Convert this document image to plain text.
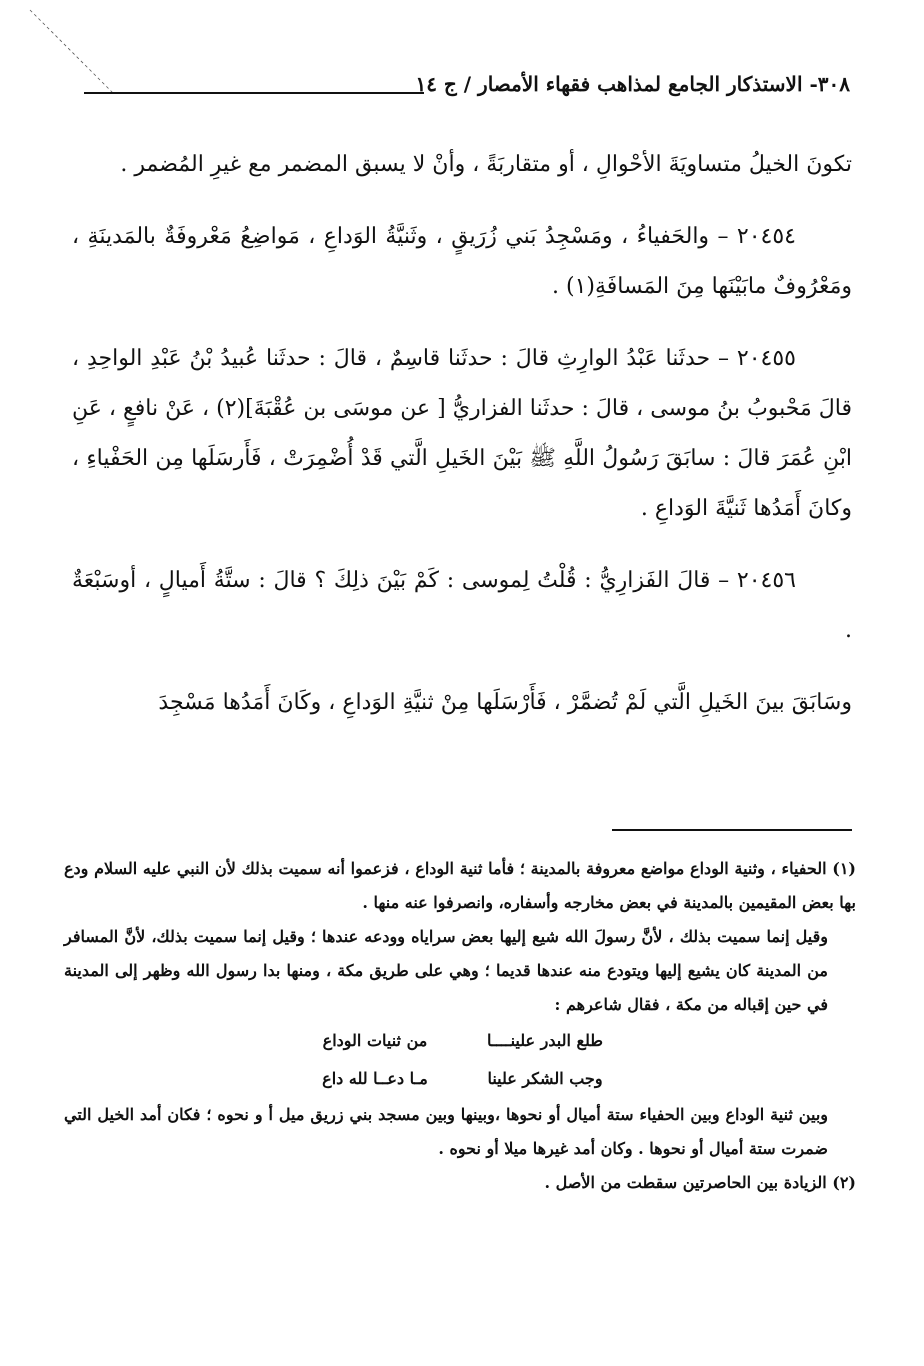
٣٠٨- الاستذكار الجامع لمذاهب فقهاء الأمصار / ج ١٤

تكونَ الخيلُ متساويَةَ الأحْوالِ ، أو متقاربَةً ، وأنْ لا يسبق المضمر مع غيرِ المُضمر .

٢٠٤٥٤ – والحَفياءُ ، ومَسْجِدُ بَني زُرَيقٍ ، وثَنيَّةُ الوَداعِ ، مَواضِعُ مَعْروفَةٌ بالمَدينَةِ ، ومَعْرُوفٌ مابَيْنَها مِنَ المَسافَةِ(١) .

٢٠٤٥٥ – حدثَنا عَبْدُ الوارِثِ قالَ : حدثَنا قاسِمٌ ، قالَ : حدثَنا عُبيدُ بْنُ عَبْدِ الواحِدِ ، قالَ مَحْبوبُ بنُ موسى ، قالَ : حدثَنا الفزاريُّ [ عن موسَى بن عُقْبَةَ](٢) ، عَنْ نافعٍ ، عَنِ ابْنِ عُمَرَ قالَ : سابَقَ رَسُولُ اللَّهِ ﷺ بَيْنَ الخَيلِ الَّتي قَدْ أُضْمِرَتْ ، فَأَرسَلَها مِن الحَفْياءِ ، وكانَ أَمَدُها ثَنيَّةَ الوَداعِ .

٢٠٤٥٦ – قالَ الفَزارِيُّ : قُلْتُ لِموسى : كَمْ بَيْنَ ذلِكَ ؟ قالَ : ستَّةُ أَميالٍ ، أوسَبْعَةٌ .

وسَابَقَ بينَ الخَيلِ الَّتي لَمْ تُضمَّرْ ، فَأَرْسَلَها مِنْ ثنيَّةِ الوَداعِ ، وكَانَ أَمَدُها مَسْجِدَ

(١) الحفياء ، وثنية الوداع مواضع معروفة بالمدينة ؛ فأما ثنية الوداع ، فزعموا أنه سميت بذلك لأن النبي عليه السلام ودع بها بعض المقيمين بالمدينة في بعض مخارجه وأسفاره، وانصرفوا عنه منها .

وقيل إنما سميت بذلك ، لأنَّ رسولَ الله شيع إليها بعض سراياه وودعه عندها ؛ وقيل إنما سميت بذلك، لأنَّ المسافر من المدينة كان يشيع إليها ويتودع منه عندها قديما ؛ وهي على طريق مكة ، ومنها بدا رسول الله وظهر إلى المدينة في حين إقباله من مكة ، فقال شاعرهم :

طلع البدر علينــــا
من ثنيات الوداع
وجب الشكر علينا
مـا دعــا لله داع

وبين ثنية الوداع وبين الحفياء ستة أميال أو نحوها ،وبينها وبين مسجد بني زريق ميل أ و نحوه ؛ فكان أمد الخيل التي ضمرت ستة أميال أو نحوها . وكان أمد غيرها ميلا أو نحوه .

(٢) الزيادة بين الحاصرتين سقطت من الأصل .
